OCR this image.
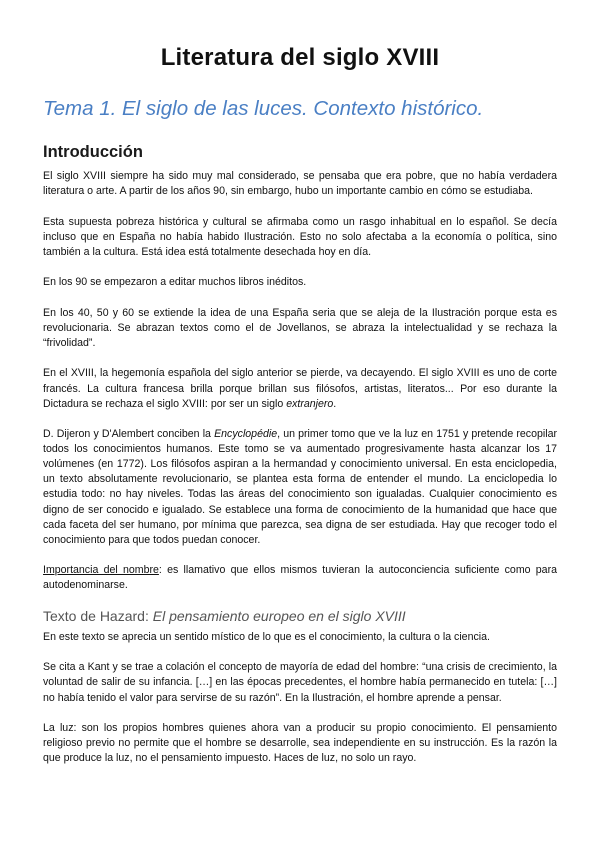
Literatura del siglo XVIII
Tema 1. El siglo de las luces. Contexto histórico.
Introducción

El siglo XVIII siempre ha sido muy mal considerado, se pensaba que era pobre, que no había verdadera literatura o arte. A partir de los años 90, sin embargo, hubo un importante cambio en cómo se estudiaba.

Esta supuesta pobreza histórica y cultural se afirmaba como un rasgo inhabitual en lo español. Se decía incluso que en España no había habido Ilustración. Esto no solo afectaba a la economía o política, sino también a la cultura. Está idea está totalmente desechada hoy en día.

En los 90 se empezaron a editar muchos libros inéditos.

En los 40, 50 y 60 se extiende la idea de una España seria que se aleja de la Ilustración porque esta es revolucionaria. Se abrazan textos como el de Jovellanos, se abraza la intelectualidad y se rechaza la “frivolidad”.

En el XVIII, la hegemonía española del siglo anterior se pierde, va decayendo. El siglo XVIII es uno de corte francés. La cultura francesa brilla porque brillan sus filósofos, artistas, literatos... Por eso durante la Dictadura se rechaza el siglo XVIII: por ser un siglo extranjero.

D. Dijeron y D'Alembert conciben la Encyclopédie, un primer tomo que ve la luz en 1751 y pretende recopilar todos los conocimientos humanos. Este tomo se va aumentado progresivamente hasta alcanzar los 17 volúmenes (en 1772). Los filósofos aspiran a la hermandad y conocimiento universal. En esta enciclopedia, un texto absolutamente revolucionario, se plantea esta forma de entender el mundo. La enciclopedia lo estudia todo: no hay niveles. Todas las áreas del conocimiento son igualadas. Cualquier conocimiento es digno de ser conocido e igualado. Se establece una forma de conocimiento de la humanidad que hace que cada faceta del ser humano, por mínima que parezca, sea digna de ser estudiada. Hay que recoger todo el conocimiento para que todos puedan conocer.

Importancia del nombre: es llamativo que ellos mismos tuvieran la autoconciencia suficiente como para autodenominarse.

Texto de Hazard: El pensamiento europeo en el siglo XVIII

En este texto se aprecia un sentido místico de lo que es el conocimiento, la cultura o la ciencia.

Se cita a Kant y se trae a colación el concepto de mayoría de edad del hombre: “una crisis de crecimiento, la voluntad de salir de su infancia. […] en las épocas precedentes, el hombre había permanecido en tutela: […] no había tenido el valor para servirse de su razón”. En la Ilustración, el hombre aprende a pensar.

La luz: son los propios hombres quienes ahora van a producir su propio conocimiento. El pensamiento religioso previo no permite que el hombre se desarrolle, sea independiente en su instrucción. Es la razón la que produce la luz, no el pensamiento impuesto. Haces de luz, no solo un rayo.
